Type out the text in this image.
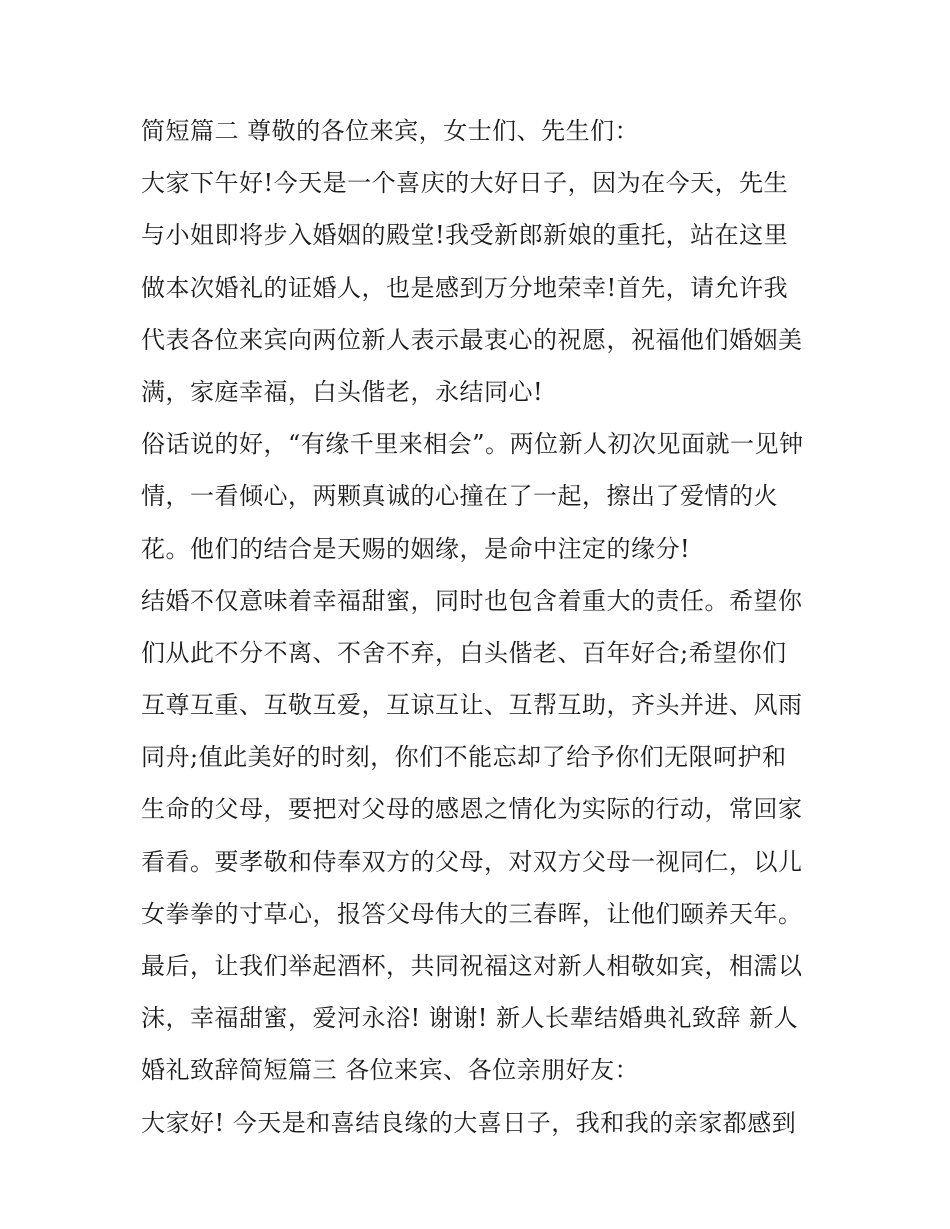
简短篇二 尊敬的各位来宾，女士们、先生们：
大家下午好!今天是一个喜庆的大好日子，因为在今天，先生
与小姐即将步入婚姻的殿堂!我受新郎新娘的重托，站在这里
做本次婚礼的证婚人，也是感到万分地荣幸!首先，请允许我
代表各位来宾向两位新人表示最衷心的祝愿，祝福他们婚姻美
满，家庭幸福，白头偕老，永结同心!
俗话说的好，“有缘千里来相会”。两位新人初次见面就一见钟
情，一看倾心，两颗真诚的心撞在了一起，擦出了爱情的火
花。他们的结合是天赐的姻缘，是命中注定的缘分!
结婚不仅意味着幸福甜蜜，同时也包含着重大的责任。希望你
们从此不分不离、不舍不弃，白头偕老、百年好合;希望你们
互尊互重、互敬互爱，互谅互让、互帮互助，齐头并进、风雨
同舟;值此美好的时刻，你们不能忘却了给予你们无限呵护和
生命的父母，要把对父母的感恩之情化为实际的行动，常回家
看看。要孝敬和侍奉双方的父母，对双方父母一视同仁，以儿
女拳拳的寸草心，报答父母伟大的三春晖，让他们颐养天年。
最后，让我们举起酒杯，共同祝福这对新人相敬如宾，相濡以
沫，幸福甜蜜，爱河永浴! 谢谢! 新人长辈结婚典礼致辞 新人
婚礼致辞简短篇三 各位来宾、各位亲朋好友：
大家好! 今天是和喜结良缘的大喜日子，我和我的亲家都感到
